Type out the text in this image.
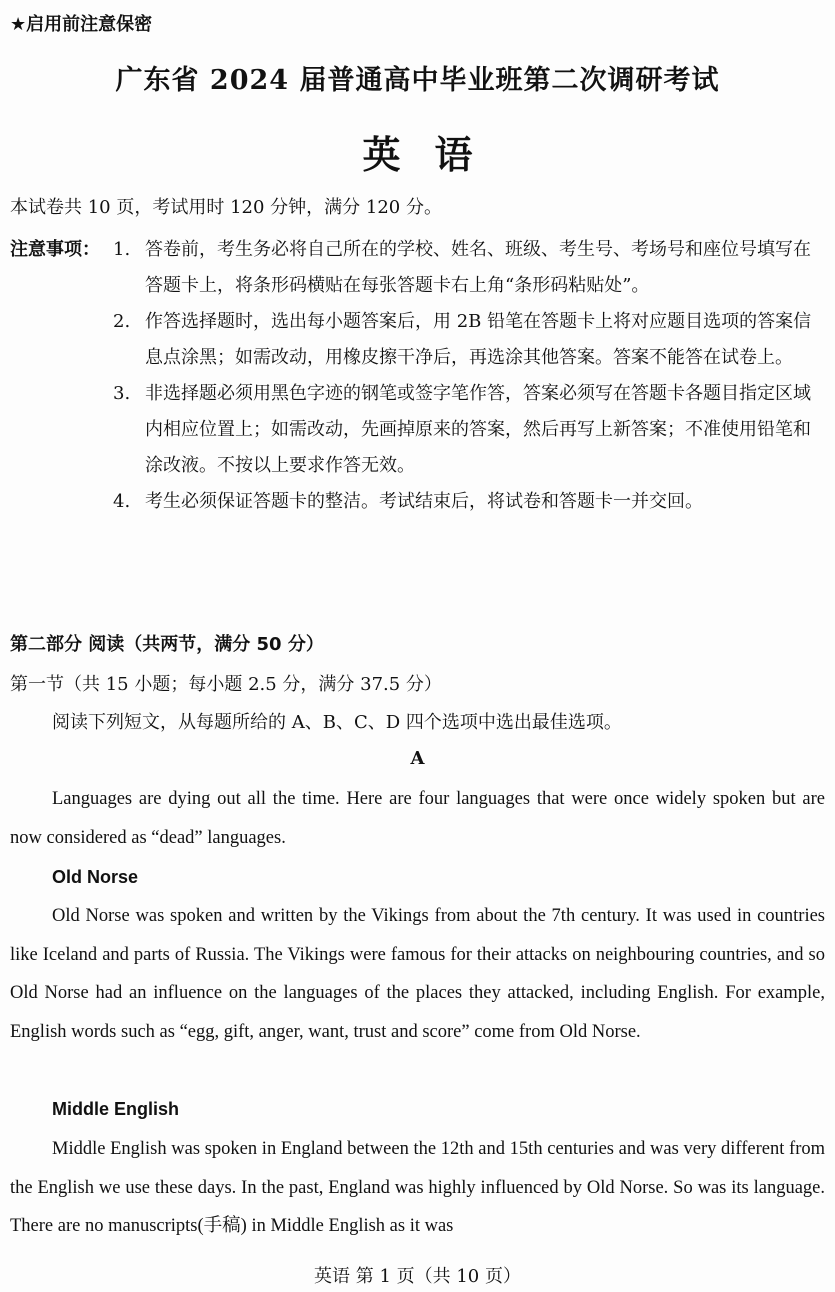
★启用前注意保密
广东省 2024 届普通高中毕业班第二次调研考试
英语
本试卷共 10 页，考试用时 120 分钟，满分 120 分。
注意事项： 1. 答卷前，考生务必将自己所在的学校、姓名、班级、考生号、考场号和座位号填写在答题卡上，将条形码横贴在每张答题卡右上角“条形码粘贴处”。
2. 作答选择题时，选出每小题答案后，用 2B 铅笔在答题卡上将对应题目选项的答案信息点涂黑；如需改动，用橡皮擦干净后，再选涂其他答案。答案不能答在试卷上。
3. 非选择题必须用黑色字迹的钢笔或签字笔作答，答案必须写在答题卡各题目指定区域内相应位置上；如需改动，先画掉原来的答案，然后再写上新答案；不准使用铅笔和涂改液。不按以上要求作答无效。
4. 考生必须保证答题卡的整洁。考试结束后，将试卷和答题卡一并交回。
第二部分 阅读（共两节，满分 50 分）
第一节（共 15 小题；每小题 2.5 分，满分 37.5 分）
阅读下列短文，从每题所给的 A、B、C、D 四个选项中选出最佳选项。
A

Languages are dying out all the time. Here are four languages that were once widely spoken but are now considered as “dead” languages.

Old Norse

Old Norse was spoken and written by the Vikings from about the 7th century. It was used in countries like Iceland and parts of Russia. The Vikings were famous for their attacks on neighbouring countries, and so Old Norse had an influence on the languages of the places they attacked, including English. For example, English words such as “egg, gift, anger, want, trust and score” come from Old Norse.

Middle English

Middle English was spoken in England between the 12th and 15th centuries and was very different from the English we use these days. In the past, England was highly influenced by Old Norse. So was its language. There are no manuscripts(手稿) in Middle English as it was

英语 第 1 页（共 10 页）
